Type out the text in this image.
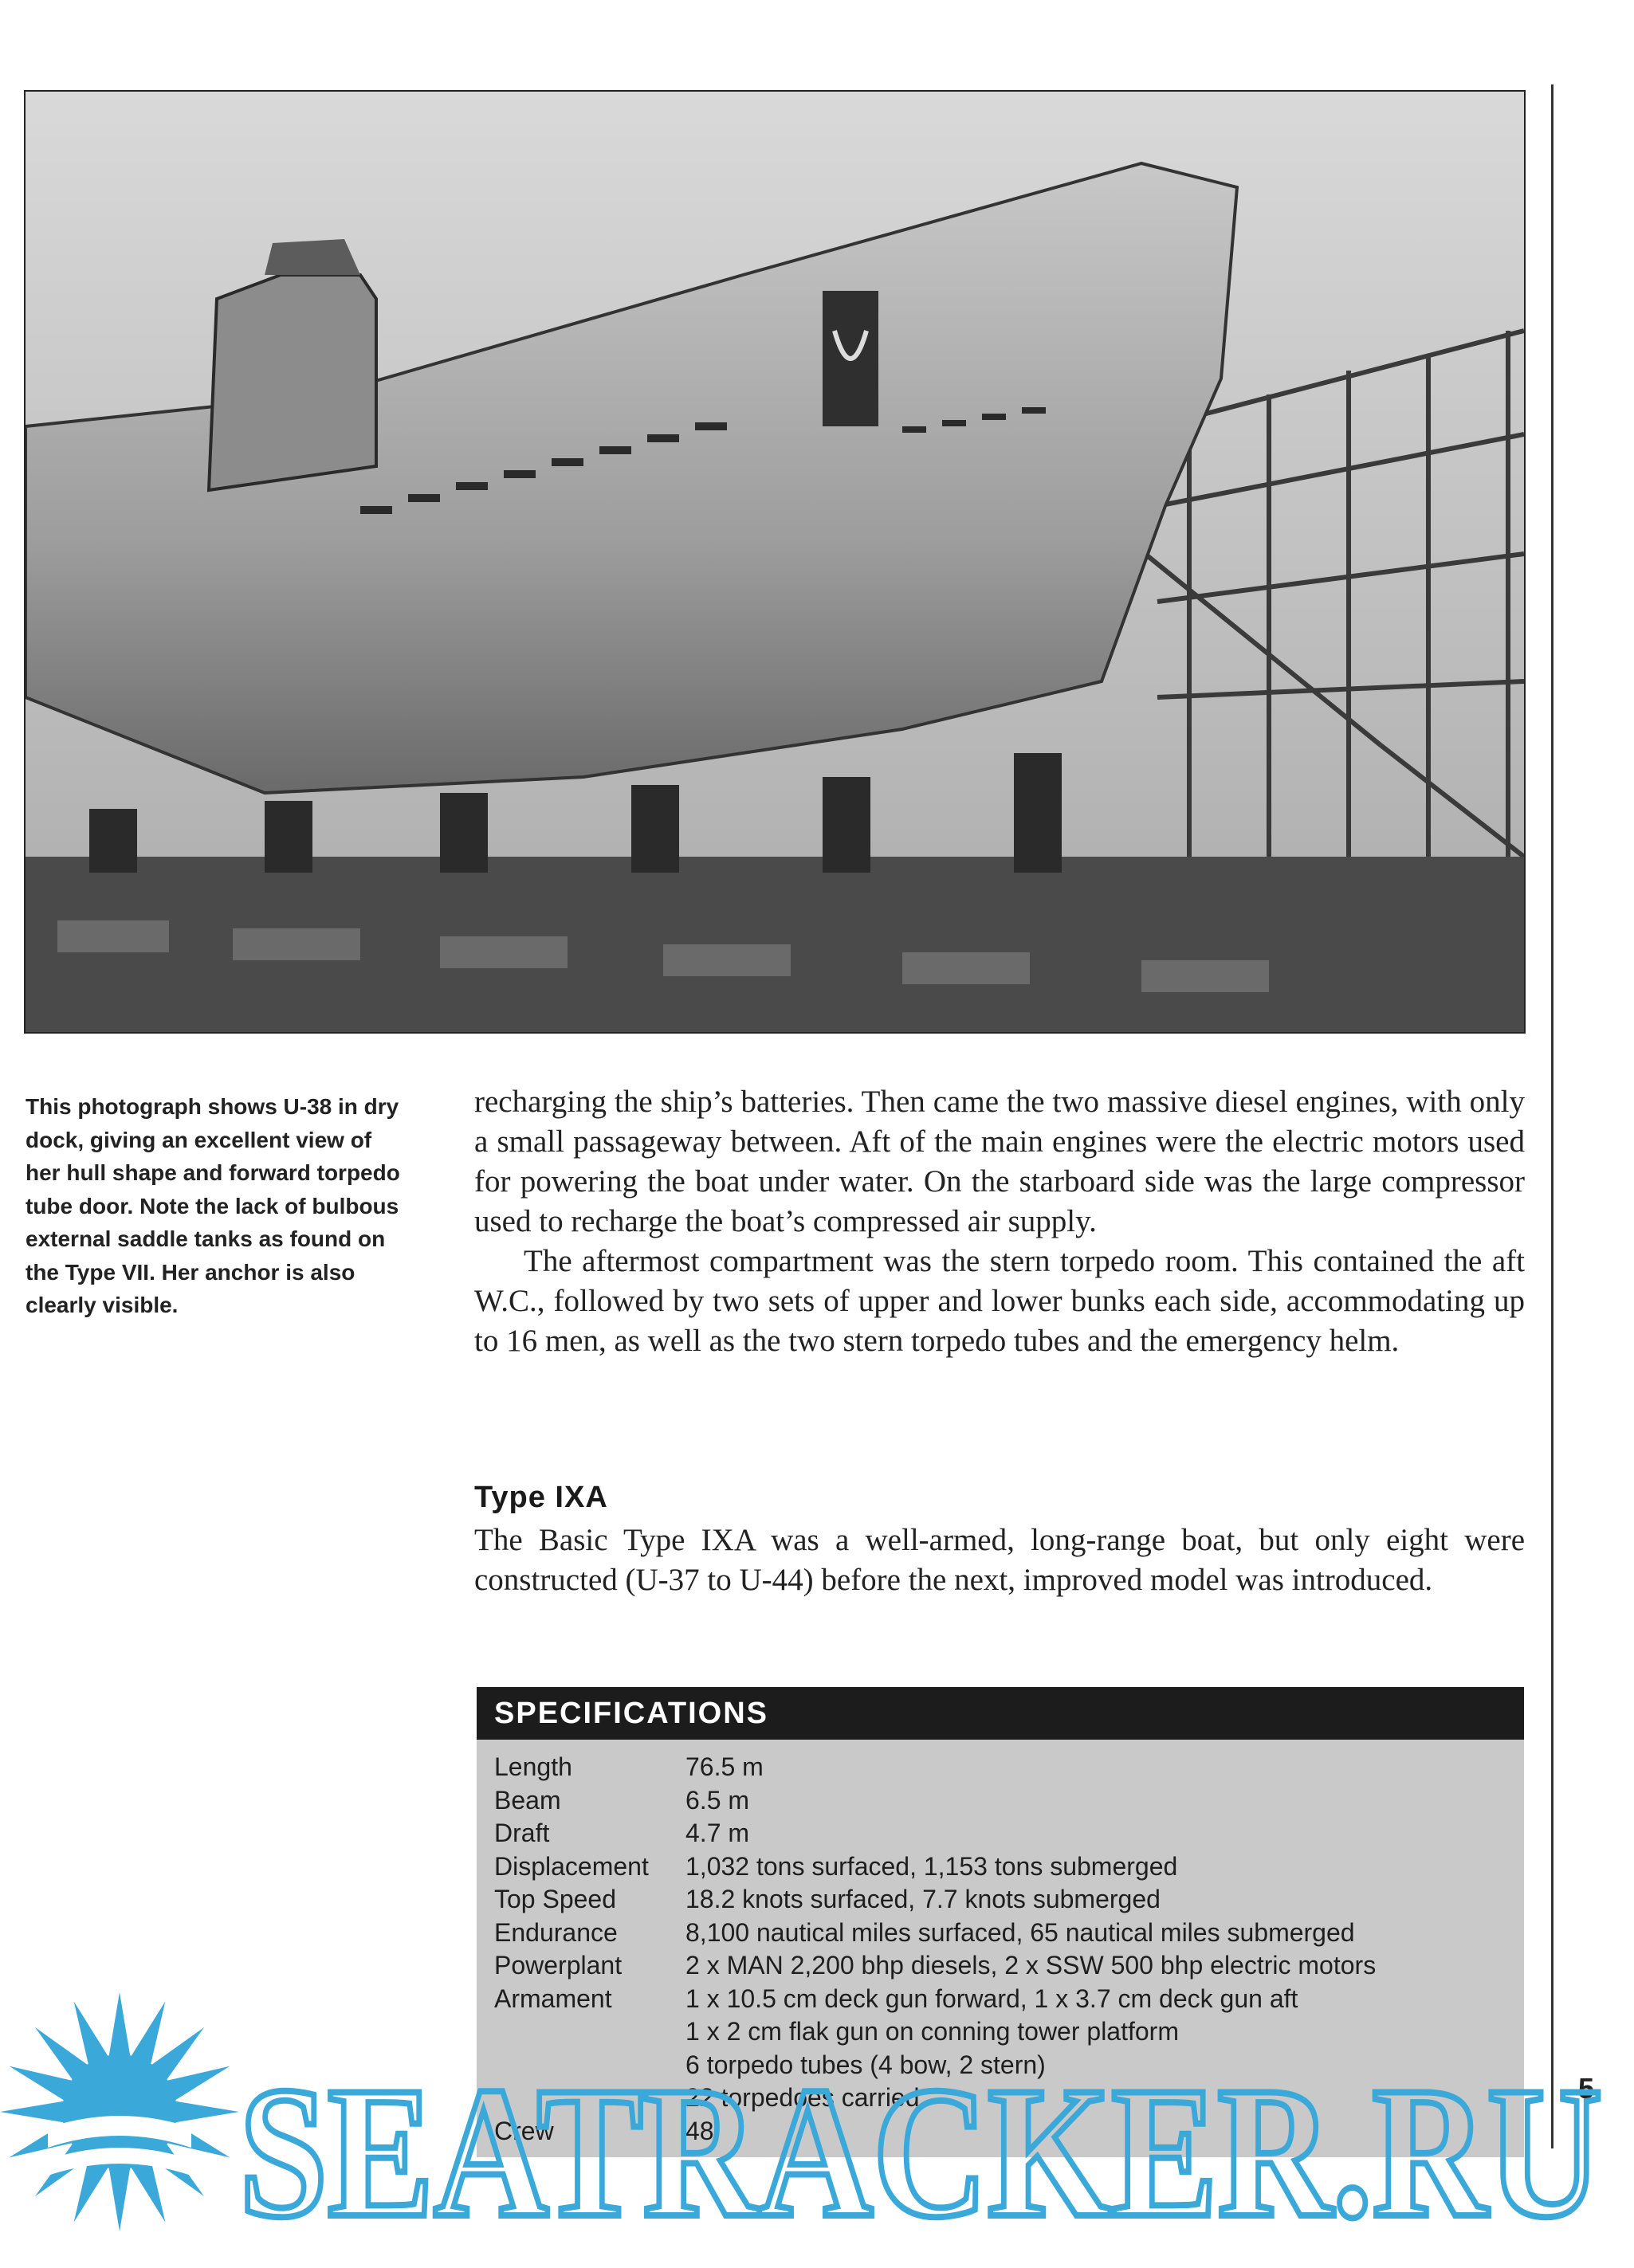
This photograph shows U-38 in dry dock, giving an excellent view of her hull shape and forward torpedo tube door. Note the lack of bulbous external saddle tanks as found on the Type VII. Her anchor is also clearly visible.

recharging the ship’s batteries. Then came the two massive diesel engines, with only a small passageway between. Aft of the main engines were the electric motors used for powering the boat under water. On the starboard side was the large compressor used to recharge the boat’s compressed air supply.

The aftermost compartment was the stern torpedo room. This contained the aft W.C., followed by two sets of upper and lower bunks each side, accommodating up to 16 men, as well as the two stern torpedo tubes and the emergency helm.

Type IXA

The Basic Type IXA was a well-armed, long-range boat, but only eight were constructed (U-37 to U-44) before the next, improved model was introduced.

SPECIFICATIONS
Length	76.5 m
Beam	6.5 m
Draft	4.7 m
Displacement	1,032 tons surfaced, 1,153 tons submerged
Top Speed	18.2 knots surfaced, 7.7 knots submerged
Endurance	8,100 nautical miles surfaced, 65 nautical miles submerged
Powerplant	2 x MAN 2,200 bhp diesels, 2 x SSW 500 bhp electric motors
Armament	1 x 10.5 cm deck gun forward, 1 x 3.7 cm deck gun aft
1 x 2 cm flak gun on conning tower platform
6 torpedo tubes (4 bow, 2 stern)
22 torpedoes carried
Crew	48
5
SEATRACKER.RU
